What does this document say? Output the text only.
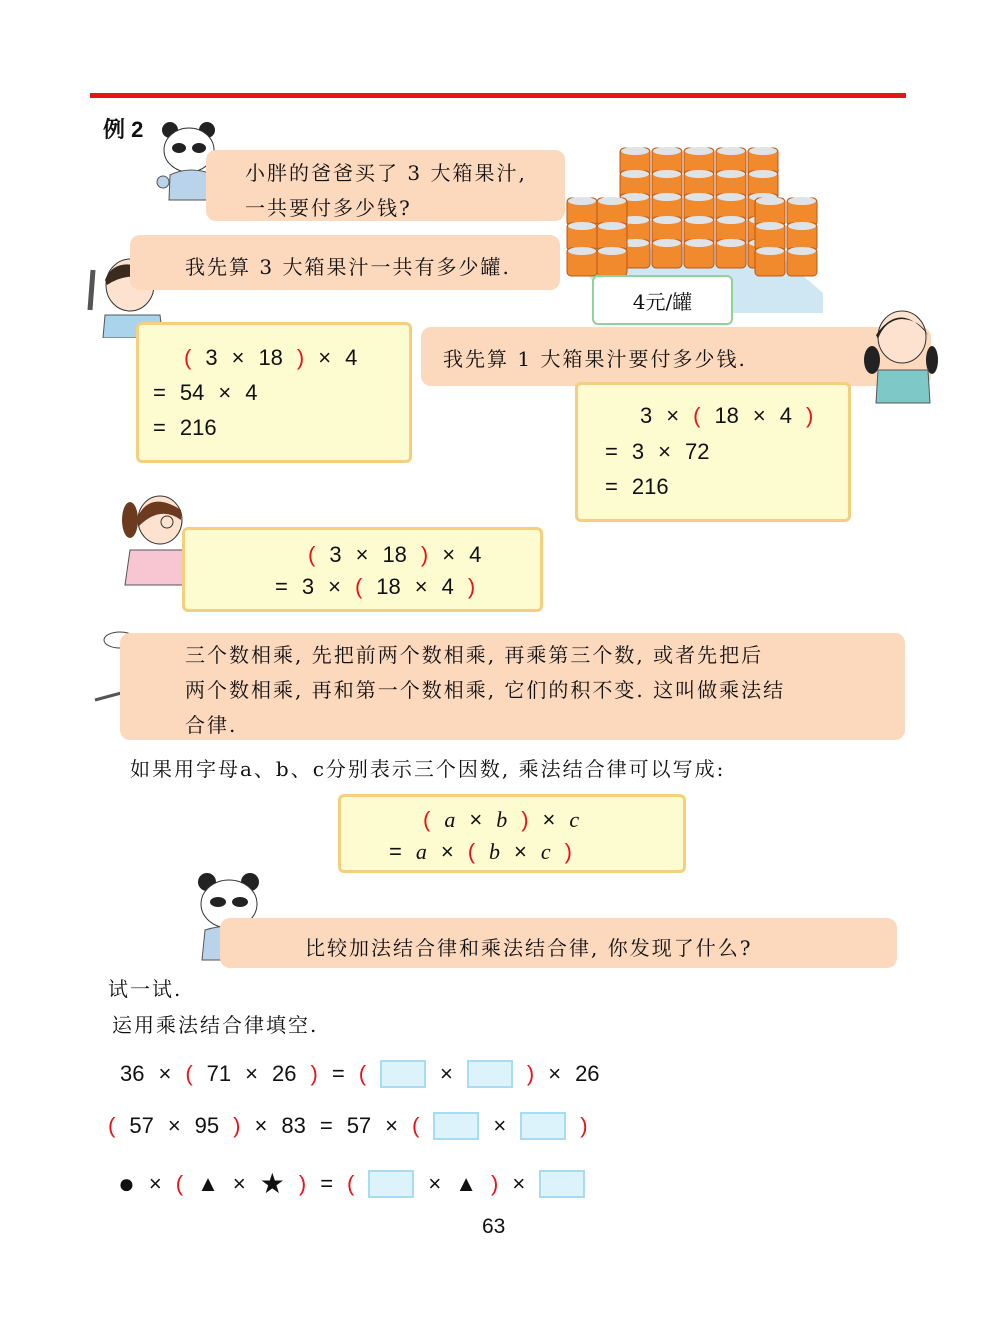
例 2
小胖的爸爸买了 3 大箱果汁,
一共要付多少钱?
我先算 3 大箱果汁一共有多少罐.
4元/罐
( 3 × 18 ) × 4
= 54 × 4
= 216
我先算 1 大箱果汁要付多少钱.
3 × ( 18 × 4 )
= 3 × 72
= 216
( 3 × 18 ) × 4
= 3 × ( 18 × 4 )
三个数相乘, 先把前两个数相乘, 再乘第三个数, 或者先把后
两个数相乘, 再和第一个数相乘, 它们的积不变. 这叫做乘法结
合律.
如果用字母a、b、c分别表示三个因数, 乘法结合律可以写成:
( a × b ) × c
= a × ( b × c )
比较加法结合律和乘法结合律, 你发现了什么?
试一试.
运用乘法结合律填空.
36 × ( 71 × 26 ) = (	×	) × 26
( 57 × 95 ) × 83 = 57 × (	×	)
● × ( ▲ × ★ ) = (	× ▲ ) ×
63
